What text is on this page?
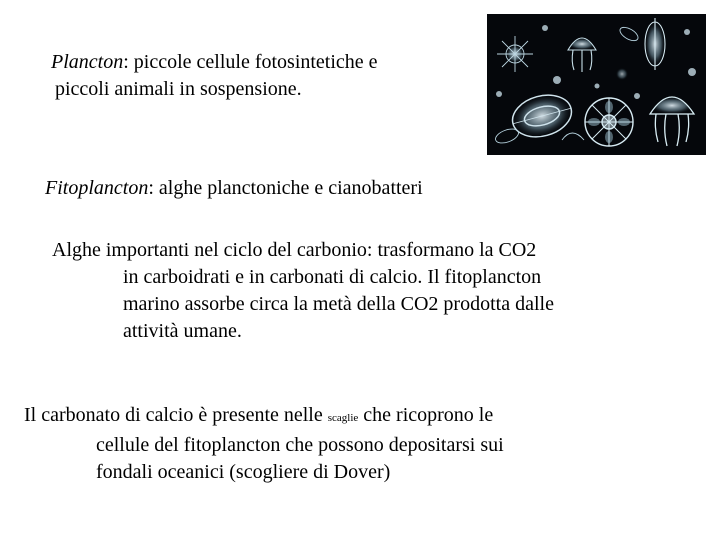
Plancton: piccole cellule fotosintetiche e
piccoli animali in sospensione.
Fitoplancton: alghe planctoniche e cianobatteri
Alghe importanti nel ciclo del carbonio: trasformano la CO2
in carboidrati e in carbonati di calcio. Il fitoplancton
marino assorbe circa la metà della CO2 prodotta dalle
attività umane.
Il carbonato di calcio è presente nelle scaglie che ricoprono le
cellule del fitoplancton che possono depositarsi sui
fondali oceanici (scogliere di Dover)
